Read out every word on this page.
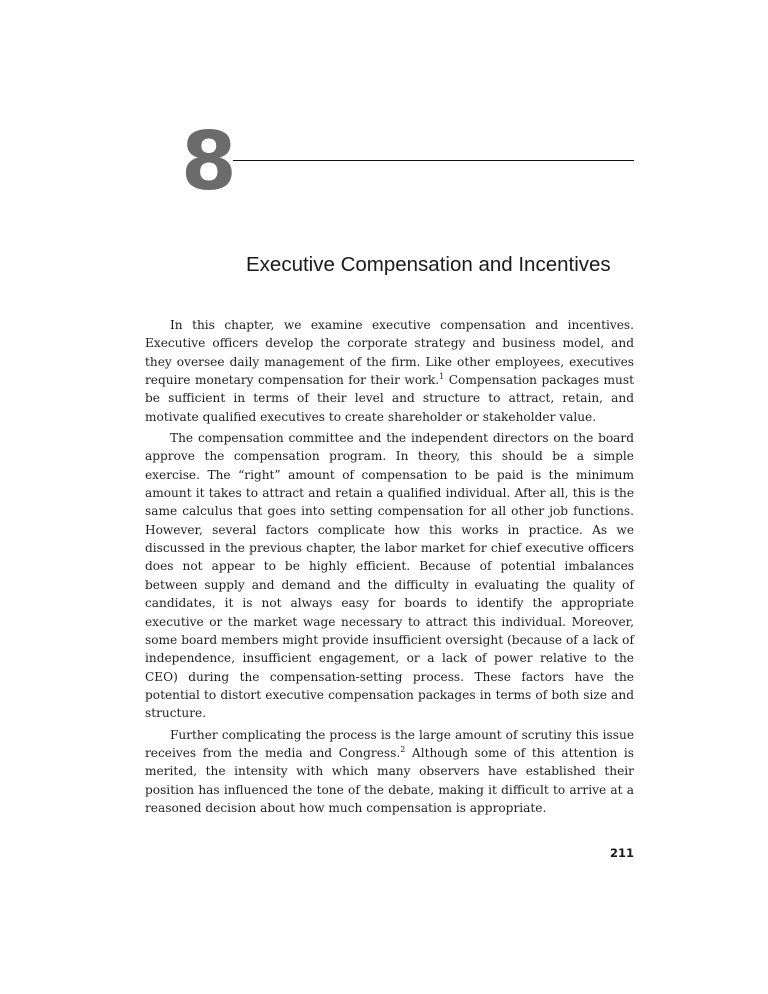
8
Executive Compensation and Incentives

In this chapter, we examine executive compensation and incentives. Executive officers develop the corporate strategy and business model, and they oversee daily management of the firm. Like other employees, executives require monetary compensation for their work.$^1$ Compensation packages must be sufficient in terms of their level and structure to attract, retain, and motivate qualified executives to create shareholder or stakeholder value.

The compensation committee and the independent directors on the board approve the compensation program. In theory, this should be a simple exercise. The “right” amount of compensation to be paid is the minimum amount it takes to attract and retain a qualified individual. After all, this is the same calculus that goes into setting compensation for all other job functions. However, several factors complicate how this works in practice. As we discussed in the previous chapter, the labor market for chief executive officers does not appear to be highly efficient. Because of potential imbalances between supply and demand and the difficulty in evaluating the quality of candidates, it is not always easy for boards to identify the appropriate executive or the market wage necessary to attract this individual. Moreover, some board members might provide insufficient oversight (because of a lack of independence, insufficient engagement, or a lack of power relative to the CEO) during the compensation-setting process. These factors have the potential to distort executive compensation packages in terms of both size and structure.

Further complicating the process is the large amount of scrutiny this issue receives from the media and Congress.$^2$ Although some of this attention is merited, the intensity with which many observers have established their position has influenced the tone of the debate, making it difficult to arrive at a reasoned decision about how much compensation is appropriate.

211
